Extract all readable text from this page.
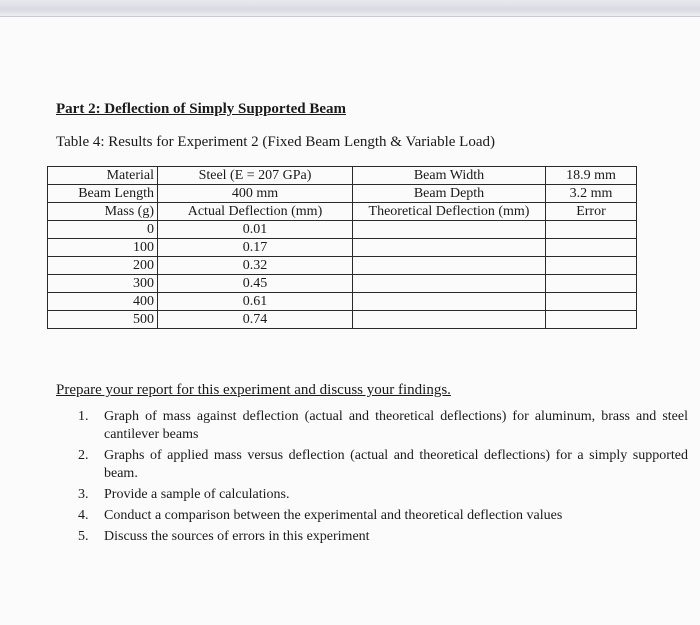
Part 2: Deflection of Simply Supported Beam
Table 4: Results for Experiment 2 (Fixed Beam Length & Variable Load)
Material	Steel (E = 207 GPa)	Beam Width	18.9 mm
Beam Length	400 mm	Beam Depth	3.2 mm
Mass (g)	Actual Deflection (mm)	Theoretical Deflection (mm)	Error
0	0.01		
100	0.17		
200	0.32		
300	0.45		
400	0.61		
500	0.74		
Prepare your report for this experiment and discuss your findings.
1.	Graph of mass against deflection (actual and theoretical deflections) for aluminum, brass and steel cantilever beams
2.	Graphs of applied mass versus deflection (actual and theoretical deflections) for a simply supported beam.
3.	Provide a sample of calculations.
4.	Conduct a comparison between the experimental and theoretical deflection values
5.	Discuss the sources of errors in this experiment
